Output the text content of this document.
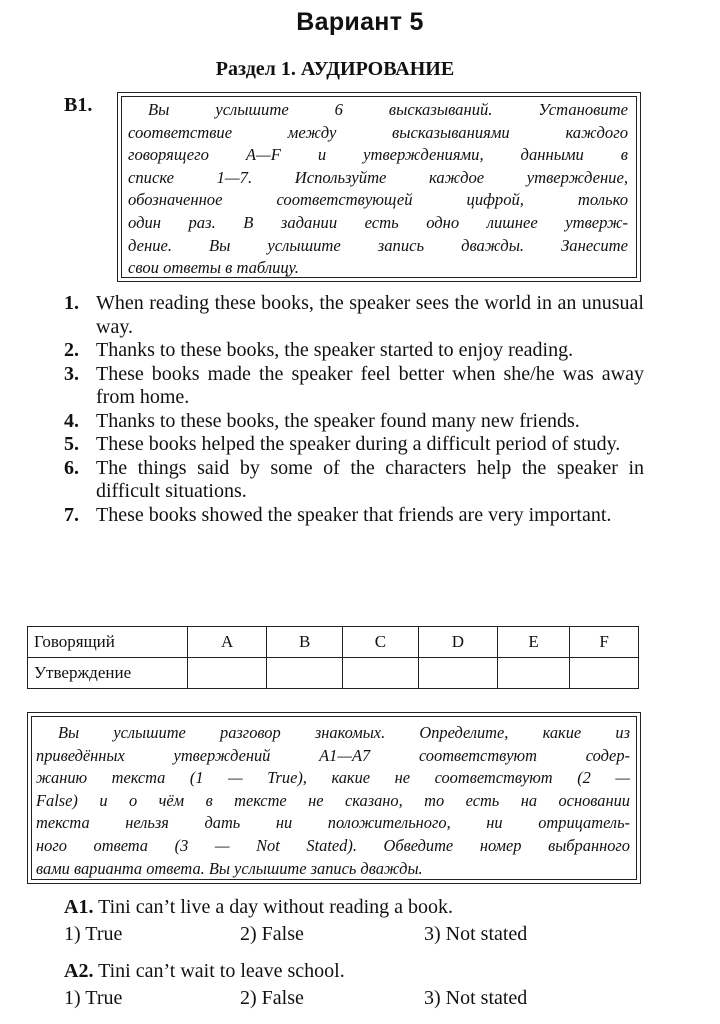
Вариант 5
Раздел 1. АУДИРОВАНИЕ
B1.	Вы услышите 6 высказываний. Установите
соответствие между высказываниями каждого
говорящего A—F и утверждениями, данными в
списке 1—7. Используйте каждое утверждение,
обозначенное соответствующей цифрой, только
один раз. В задании есть одно лишнее утверж-
дение. Вы услышите запись дважды. Занесите
свои ответы в таблицу.
1. When reading these books, the speaker sees the world in an unusual way.
2. Thanks to these books, the speaker started to enjoy reading.
3. These books made the speaker feel better when she/he was away from home.
4. Thanks to these books, the speaker found many new friends.
5. These books helped the speaker during a difficult period of study.
6. The things said by some of the characters help the speaker in difficult situations.
7. These books showed the speaker that friends are very important.
Говорящий	A	B	C	D	E	F
Утверждение						
Вы услышите разговор знакомых. Определите, какие из
приведённых утверждений A1—A7 соответствуют содер-
жанию текста (1 — True), какие не соответствуют (2 —
False) и о чём в тексте не сказано, то есть на основании
текста нельзя дать ни положительного, ни отрицатель-
ного ответа (3 — Not Stated). Обведите номер выбранного
вами варианта ответа. Вы услышите запись дважды.
A1. Tini can’t live a day without reading a book.
1) True	2) False	3) Not stated
A2. Tini can’t wait to leave school.
1) True	2) False	3) Not stated
